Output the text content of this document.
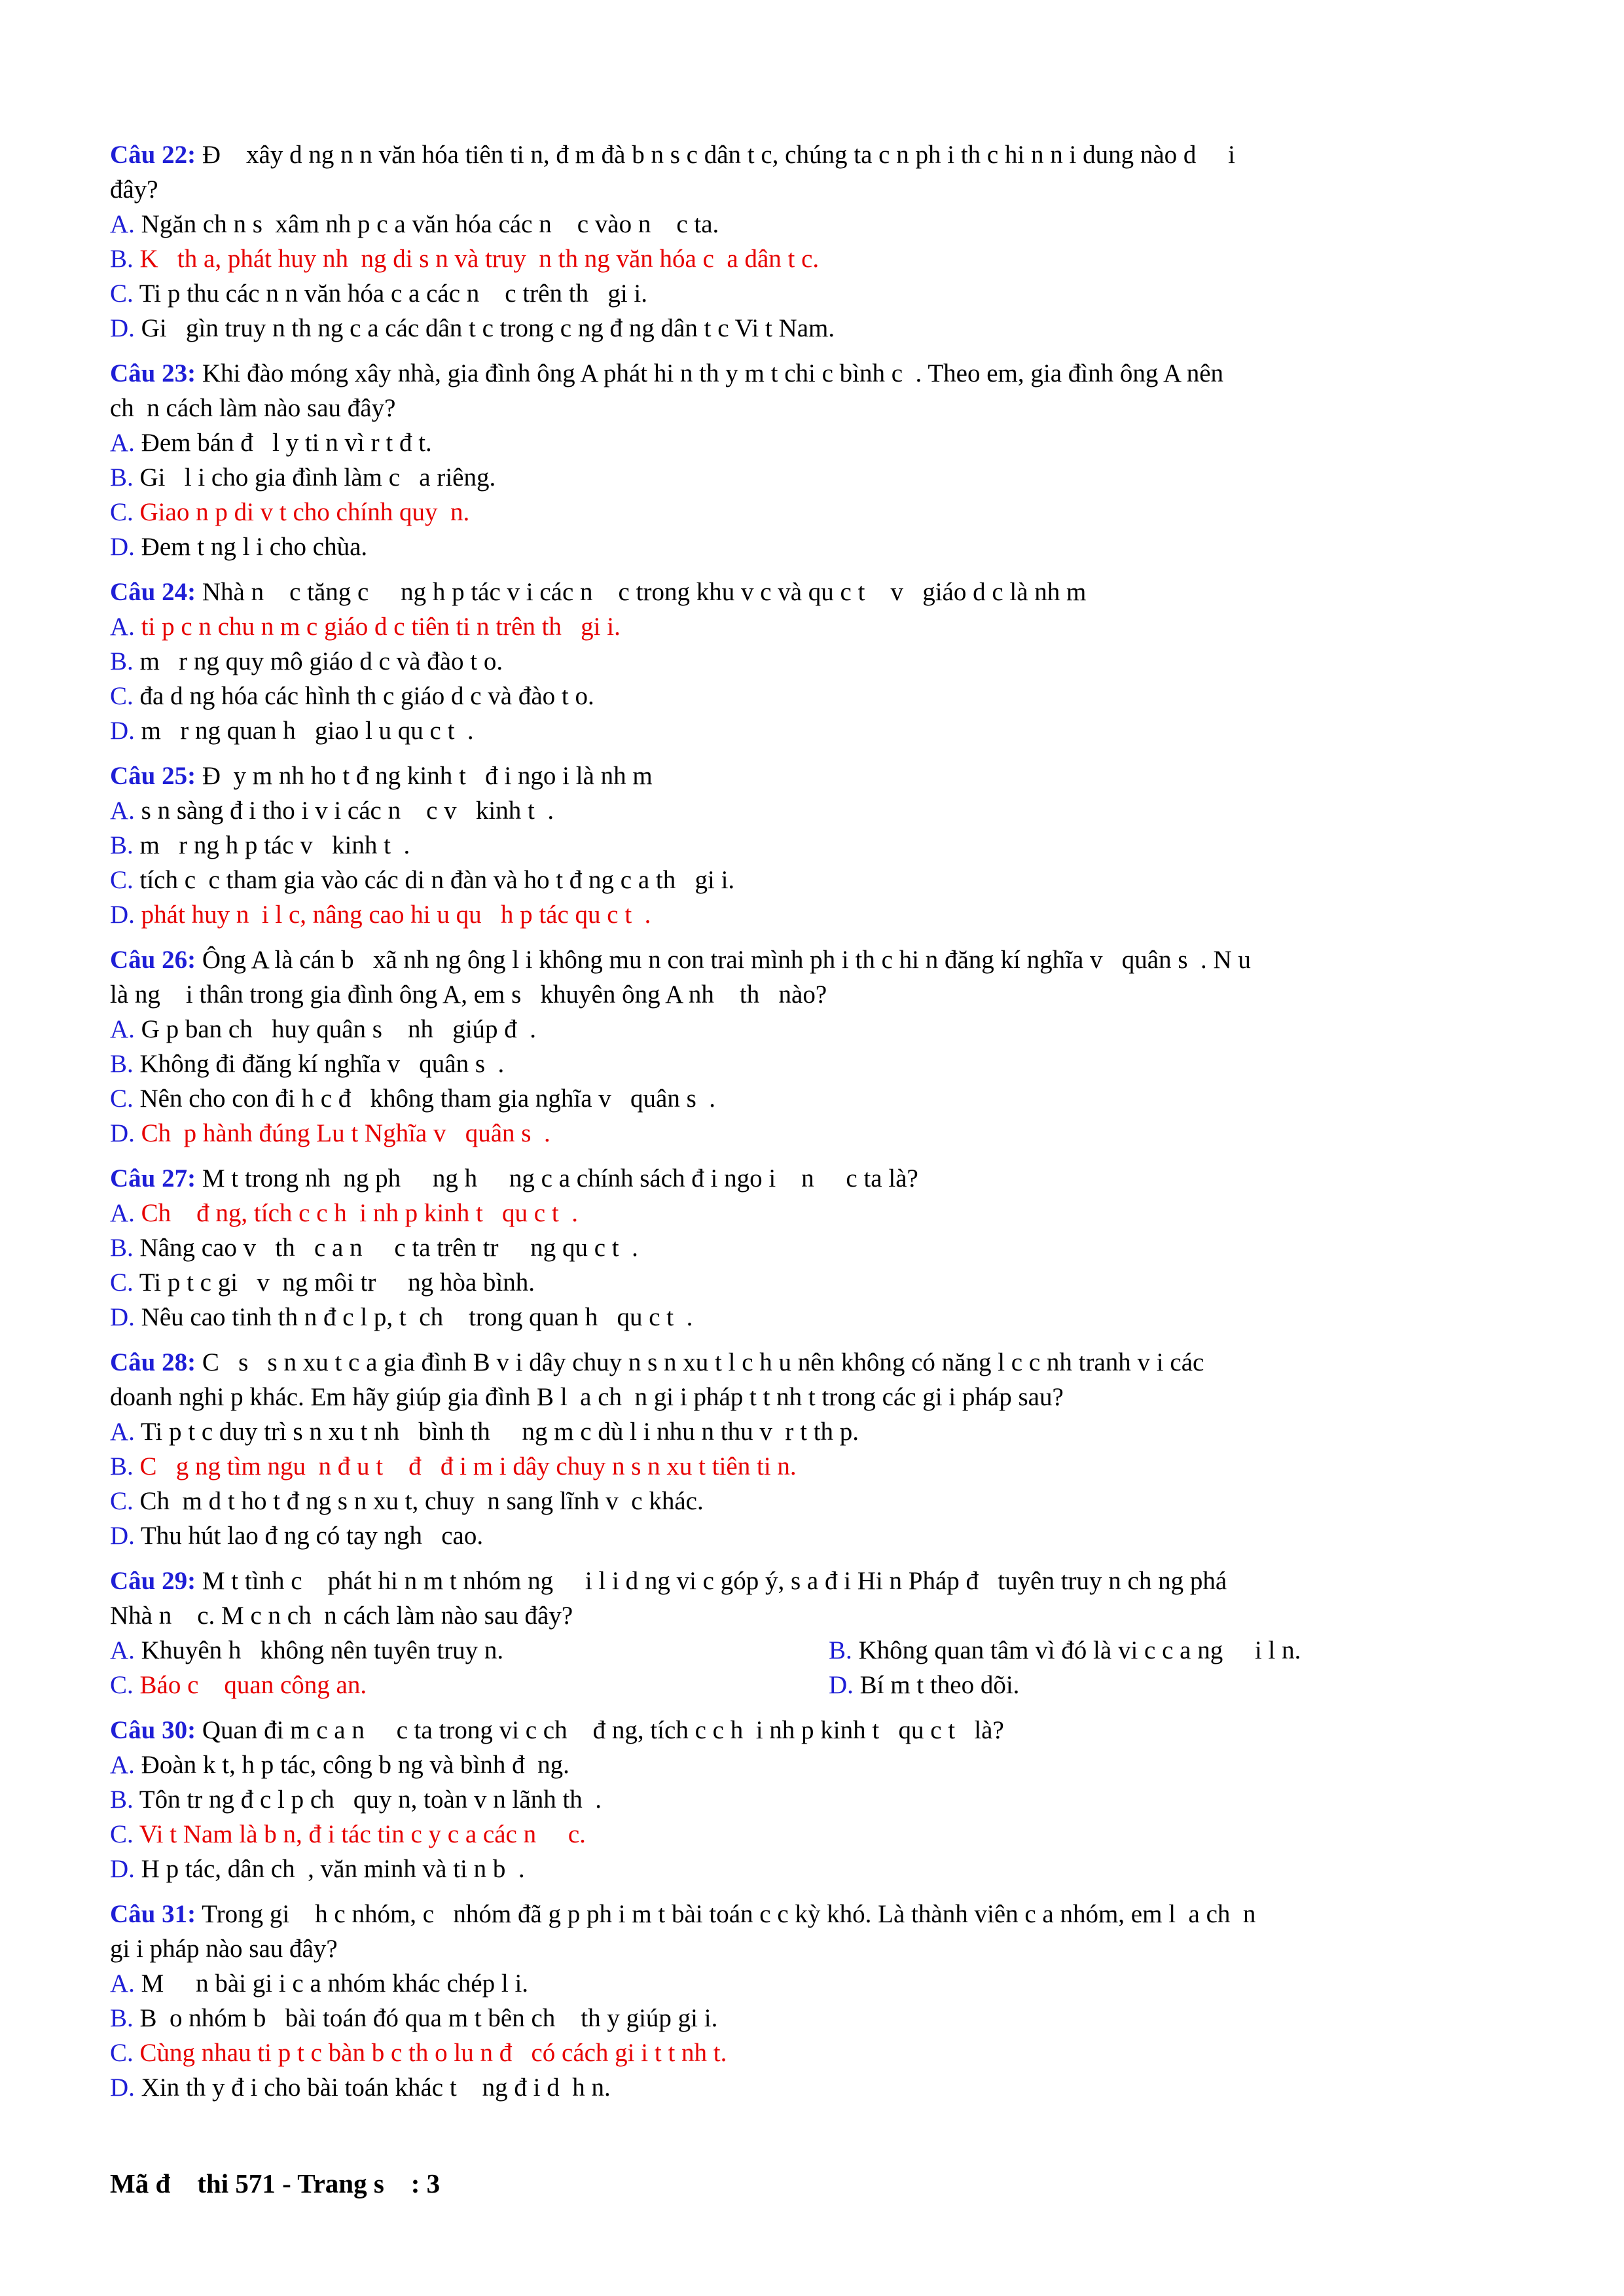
Câu 22: Đ    xây d ng n n văn hóa tiên ti n, đ m đà b n s c dân t c, chúng ta c n ph i th c hi n n i dung nào d     i
đây?
A. Ngăn ch n s  xâm nh p c a văn hóa các n    c vào n    c ta.
B. K   th a, phát huy nh  ng di s n và truy  n th ng văn hóa c  a dân t c.
C. Ti p thu các n n văn hóa c a các n    c trên th   gi i.
D. Gi   gìn truy n th ng c a các dân t c trong c ng đ ng dân t c Vi t Nam.
Câu 23: Khi đào móng xây nhà, gia đình ông A phát hi n th y m t chi c bình c  . Theo em, gia đình ông A nên
ch  n cách làm nào sau đây?
A. Đem bán đ   l y ti n vì r t đ t.
B. Gi   l i cho gia đình làm c   a riêng.
C. Giao n p di v t cho chính quy  n.
D. Đem t ng l i cho chùa.
Câu 24: Nhà n    c tăng c     ng h p tác v i các n    c trong khu v c và qu c t    v   giáo d c là nh m
A. ti p c n chu n m c giáo d c tiên ti n trên th   gi i.
B. m   r ng quy mô giáo d c và đào t o.
C. đa d ng hóa các hình th c giáo d c và đào t o.
D. m   r ng quan h   giao l u qu c t  .
Câu 25: Đ  y m nh ho t đ ng kinh t   đ i ngo i là nh m
A. s n sàng đ i tho i v i các n    c v   kinh t  .
B. m   r ng h p tác v   kinh t  .
C. tích c  c tham gia vào các di n đàn và ho t đ ng c a th   gi i.
D. phát huy n  i l c, nâng cao hi u qu   h p tác qu c t  .
Câu 26: Ông A là cán b   xã nh ng ông l i không mu n con trai mình ph i th c hi n đăng kí nghĩa v   quân s  . N u
là ng    i thân trong gia đình ông A, em s   khuyên ông A nh    th   nào?
A. G p ban ch   huy quân s    nh   giúp đ  .
B. Không đi đăng kí nghĩa v   quân s  .
C. Nên cho con đi h c đ   không tham gia nghĩa v   quân s  .
D. Ch  p hành đúng Lu t Nghĩa v   quân s  .
Câu 27: M t trong nh  ng ph     ng h     ng c a chính sách đ i ngo i    n     c ta là?
A. Ch    đ ng, tích c c h  i nh p kinh t   qu c t  .
B. Nâng cao v   th   c a n     c ta trên tr     ng qu c t  .
C. Ti p t c gi   v  ng môi tr     ng hòa bình.
D. Nêu cao tinh th n đ c l p, t  ch    trong quan h   qu c t  .
Câu 28: C   s   s n xu t c a gia đình B v i dây chuy n s n xu t l c h u nên không có năng l c c nh tranh v i các
doanh nghi p khác. Em hãy giúp gia đình B l  a ch  n gi i pháp t t nh t trong các gi i pháp sau?
A. Ti p t c duy trì s n xu t nh   bình th     ng m c dù l i nhu n thu v  r t th p.
B. C   g ng tìm ngu  n đ u t    đ   đ i m i dây chuy n s n xu t tiên ti n.
C. Ch  m d t ho t đ ng s n xu t, chuy  n sang lĩnh v  c khác.
D. Thu hút lao đ ng có tay ngh   cao.
Câu 29: M t tình c    phát hi n m t nhóm ng     i l i d ng vi c góp ý, s a đ i Hi n Pháp đ   tuyên truy n ch ng phá
Nhà n    c. M c n ch  n cách làm nào sau đây?
A. Khuyên h   không nên tuyên truy n.	B. Không quan tâm vì đó là vi c c a ng     i l n.
C. Báo c    quan công an.	D. Bí m t theo dõi.
Câu 30: Quan đi m c a n     c ta trong vi c ch    đ ng, tích c c h  i nh p kinh t   qu c t   là?
A. Đoàn k t, h p tác, công b ng và bình đ  ng.
B. Tôn tr ng đ c l p ch   quy n, toàn v n lãnh th  .
C. Vi t Nam là b n, đ i tác tin c y c a các n     c.
D. H p tác, dân ch  , văn minh và ti n b  .
Câu 31: Trong gi    h c nhóm, c   nhóm đã g p ph i m t bài toán c c kỳ khó. Là thành viên c a nhóm, em l  a ch  n
gi i pháp nào sau đây?
A. M     n bài gi i c a nhóm khác chép l i.
B. B  o nhóm b   bài toán đó qua m t bên ch    th y giúp gi i.
C. Cùng nhau ti p t c bàn b c th o lu n đ   có cách gi i t t nh t.
D. Xin th y đ i cho bài toán khác t    ng đ i d  h n.
Mã đ    thi 571 - Trang s    : 3
